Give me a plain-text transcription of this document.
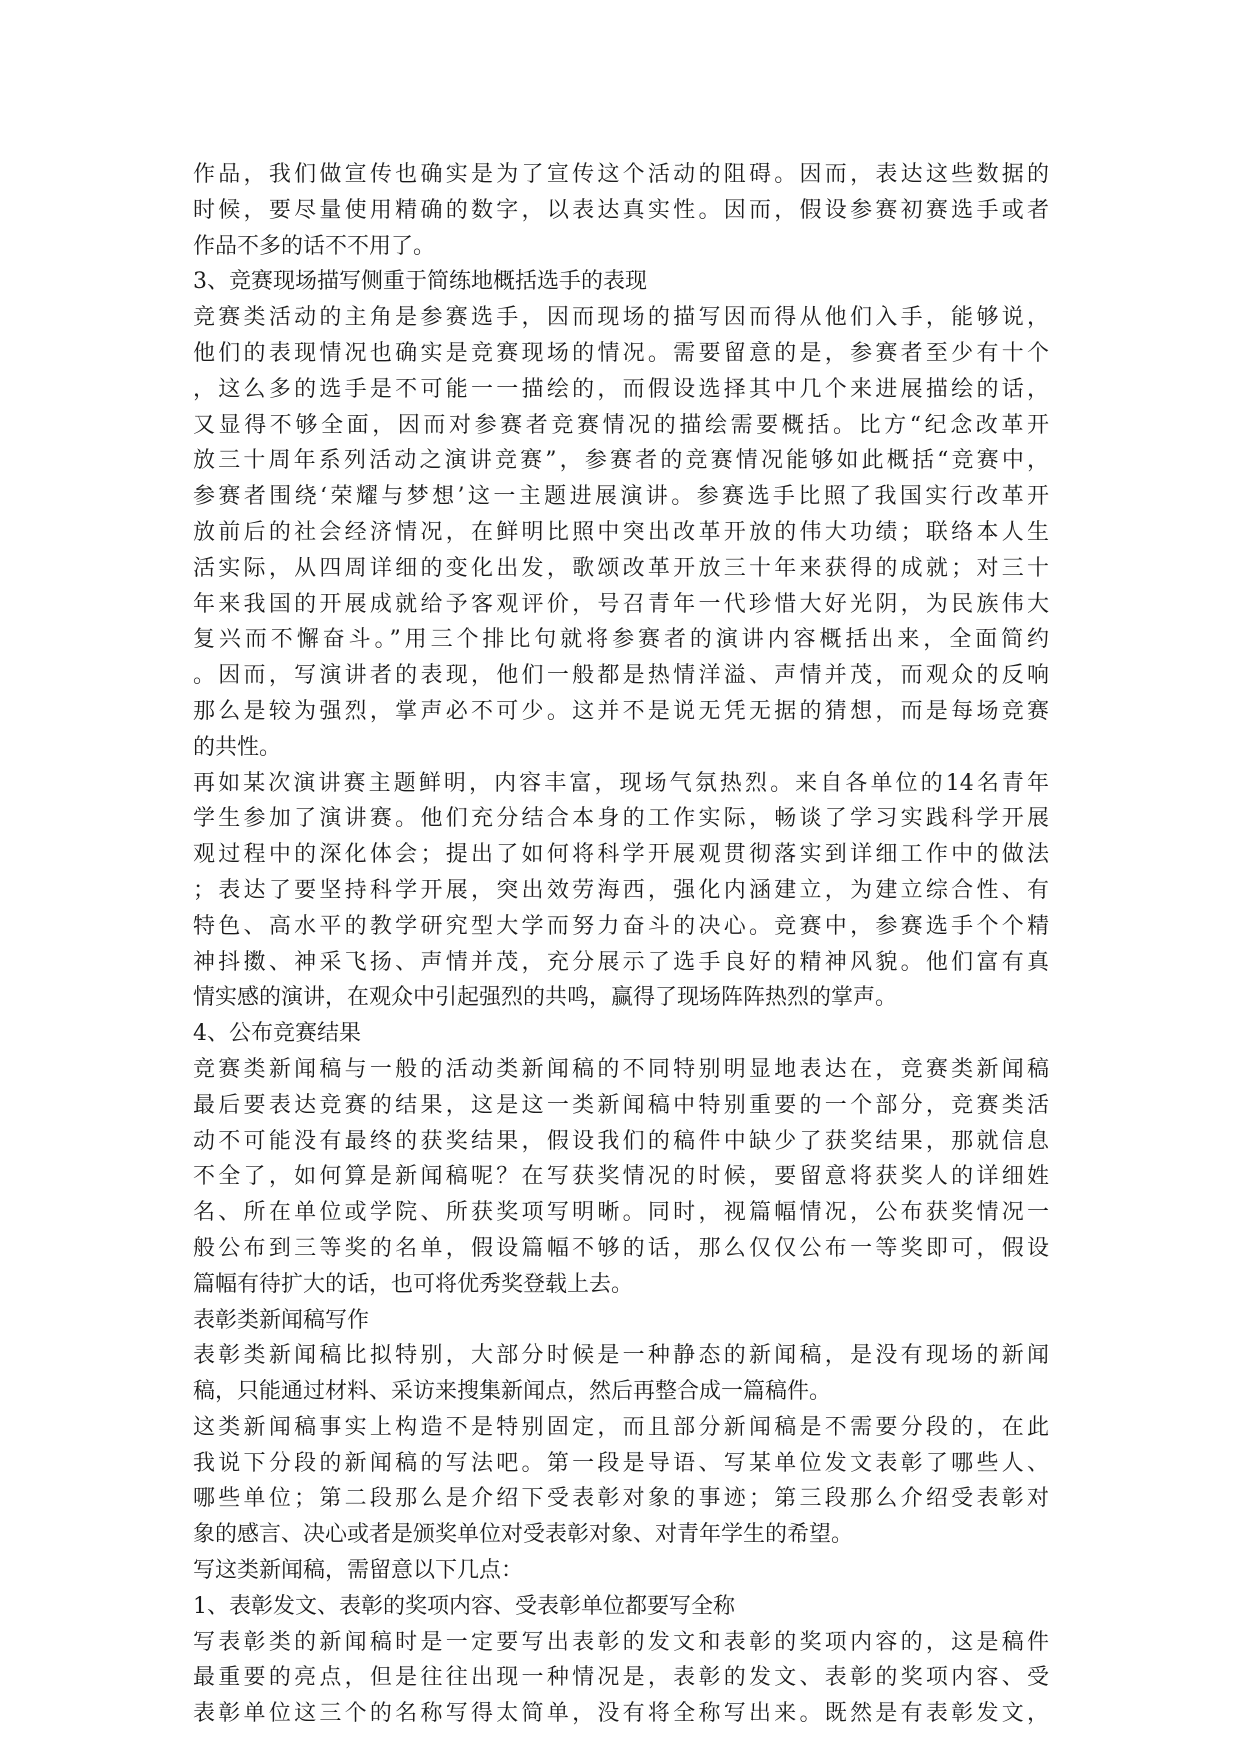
作品，我们做宣传也确实是为了宣传这个活动的阻碍。因而，表达这些数据的
时候，要尽量使用精确的数字，以表达真实性。因而，假设参赛初赛选手或者
作品不多的话不不用了。
3、竞赛现场描写侧重于简练地概括选手的表现
竞赛类活动的主角是参赛选手，因而现场的描写因而得从他们入手，能够说，
他们的表现情况也确实是竞赛现场的情况。需要留意的是，参赛者至少有十个
，这么多的选手是不可能一一描绘的，而假设选择其中几个来进展描绘的话，
又显得不够全面，因而对参赛者竞赛情况的描绘需要概括。比方“纪念改革开
放三十周年系列活动之演讲竞赛”，参赛者的竞赛情况能够如此概括“竞赛中，
参赛者围绕‘荣耀与梦想’这一主题进展演讲。参赛选手比照了我国实行改革开
放前后的社会经济情况，在鲜明比照中突出改革开放的伟大功绩；联络本人生
活实际，从四周详细的变化出发，歌颂改革开放三十年来获得的成就；对三十
年来我国的开展成就给予客观评价，号召青年一代珍惜大好光阴，为民族伟大
复兴而不懈奋斗。”用三个排比句就将参赛者的演讲内容概括出来，全面简约
。因而，写演讲者的表现，他们一般都是热情洋溢、声情并茂，而观众的反响
那么是较为强烈，掌声必不可少。这并不是说无凭无据的猜想，而是每场竞赛
的共性。
再如某次演讲赛主题鲜明，内容丰富，现场气氛热烈。来自各单位的14名青年
学生参加了演讲赛。他们充分结合本身的工作实际，畅谈了学习实践科学开展
观过程中的深化体会；提出了如何将科学开展观贯彻落实到详细工作中的做法
；表达了要坚持科学开展，突出效劳海西，强化内涵建立，为建立综合性、有
特色、高水平的教学研究型大学而努力奋斗的决心。竞赛中，参赛选手个个精
神抖擞、神采飞扬、声情并茂，充分展示了选手良好的精神风貌。他们富有真
情实感的演讲，在观众中引起强烈的共鸣，赢得了现场阵阵热烈的掌声。
4、公布竞赛结果
竞赛类新闻稿与一般的活动类新闻稿的不同特别明显地表达在，竞赛类新闻稿
最后要表达竞赛的结果，这是这一类新闻稿中特别重要的一个部分，竞赛类活
动不可能没有最终的获奖结果，假设我们的稿件中缺少了获奖结果，那就信息
不全了，如何算是新闻稿呢？在写获奖情况的时候，要留意将获奖人的详细姓
名、所在单位或学院、所获奖项写明晰。同时，视篇幅情况，公布获奖情况一
般公布到三等奖的名单，假设篇幅不够的话，那么仅仅公布一等奖即可，假设
篇幅有待扩大的话，也可将优秀奖登载上去。
表彰类新闻稿写作
表彰类新闻稿比拟特别，大部分时候是一种静态的新闻稿，是没有现场的新闻
稿，只能通过材料、采访来搜集新闻点，然后再整合成一篇稿件。
这类新闻稿事实上构造不是特别固定，而且部分新闻稿是不需要分段的，在此
我说下分段的新闻稿的写法吧。第一段是导语、写某单位发文表彰了哪些人、
哪些单位；第二段那么是介绍下受表彰对象的事迹；第三段那么介绍受表彰对
象的感言、决心或者是颁奖单位对受表彰对象、对青年学生的希望。
写这类新闻稿，需留意以下几点：
1、表彰发文、表彰的奖项内容、受表彰单位都要写全称
写表彰类的新闻稿时是一定要写出表彰的发文和表彰的奖项内容的，这是稿件
最重要的亮点，但是往往出现一种情况是，表彰的发文、表彰的奖项内容、受
表彰单位这三个的名称写得太简单，没有将全称写出来。既然是有表彰发文，
